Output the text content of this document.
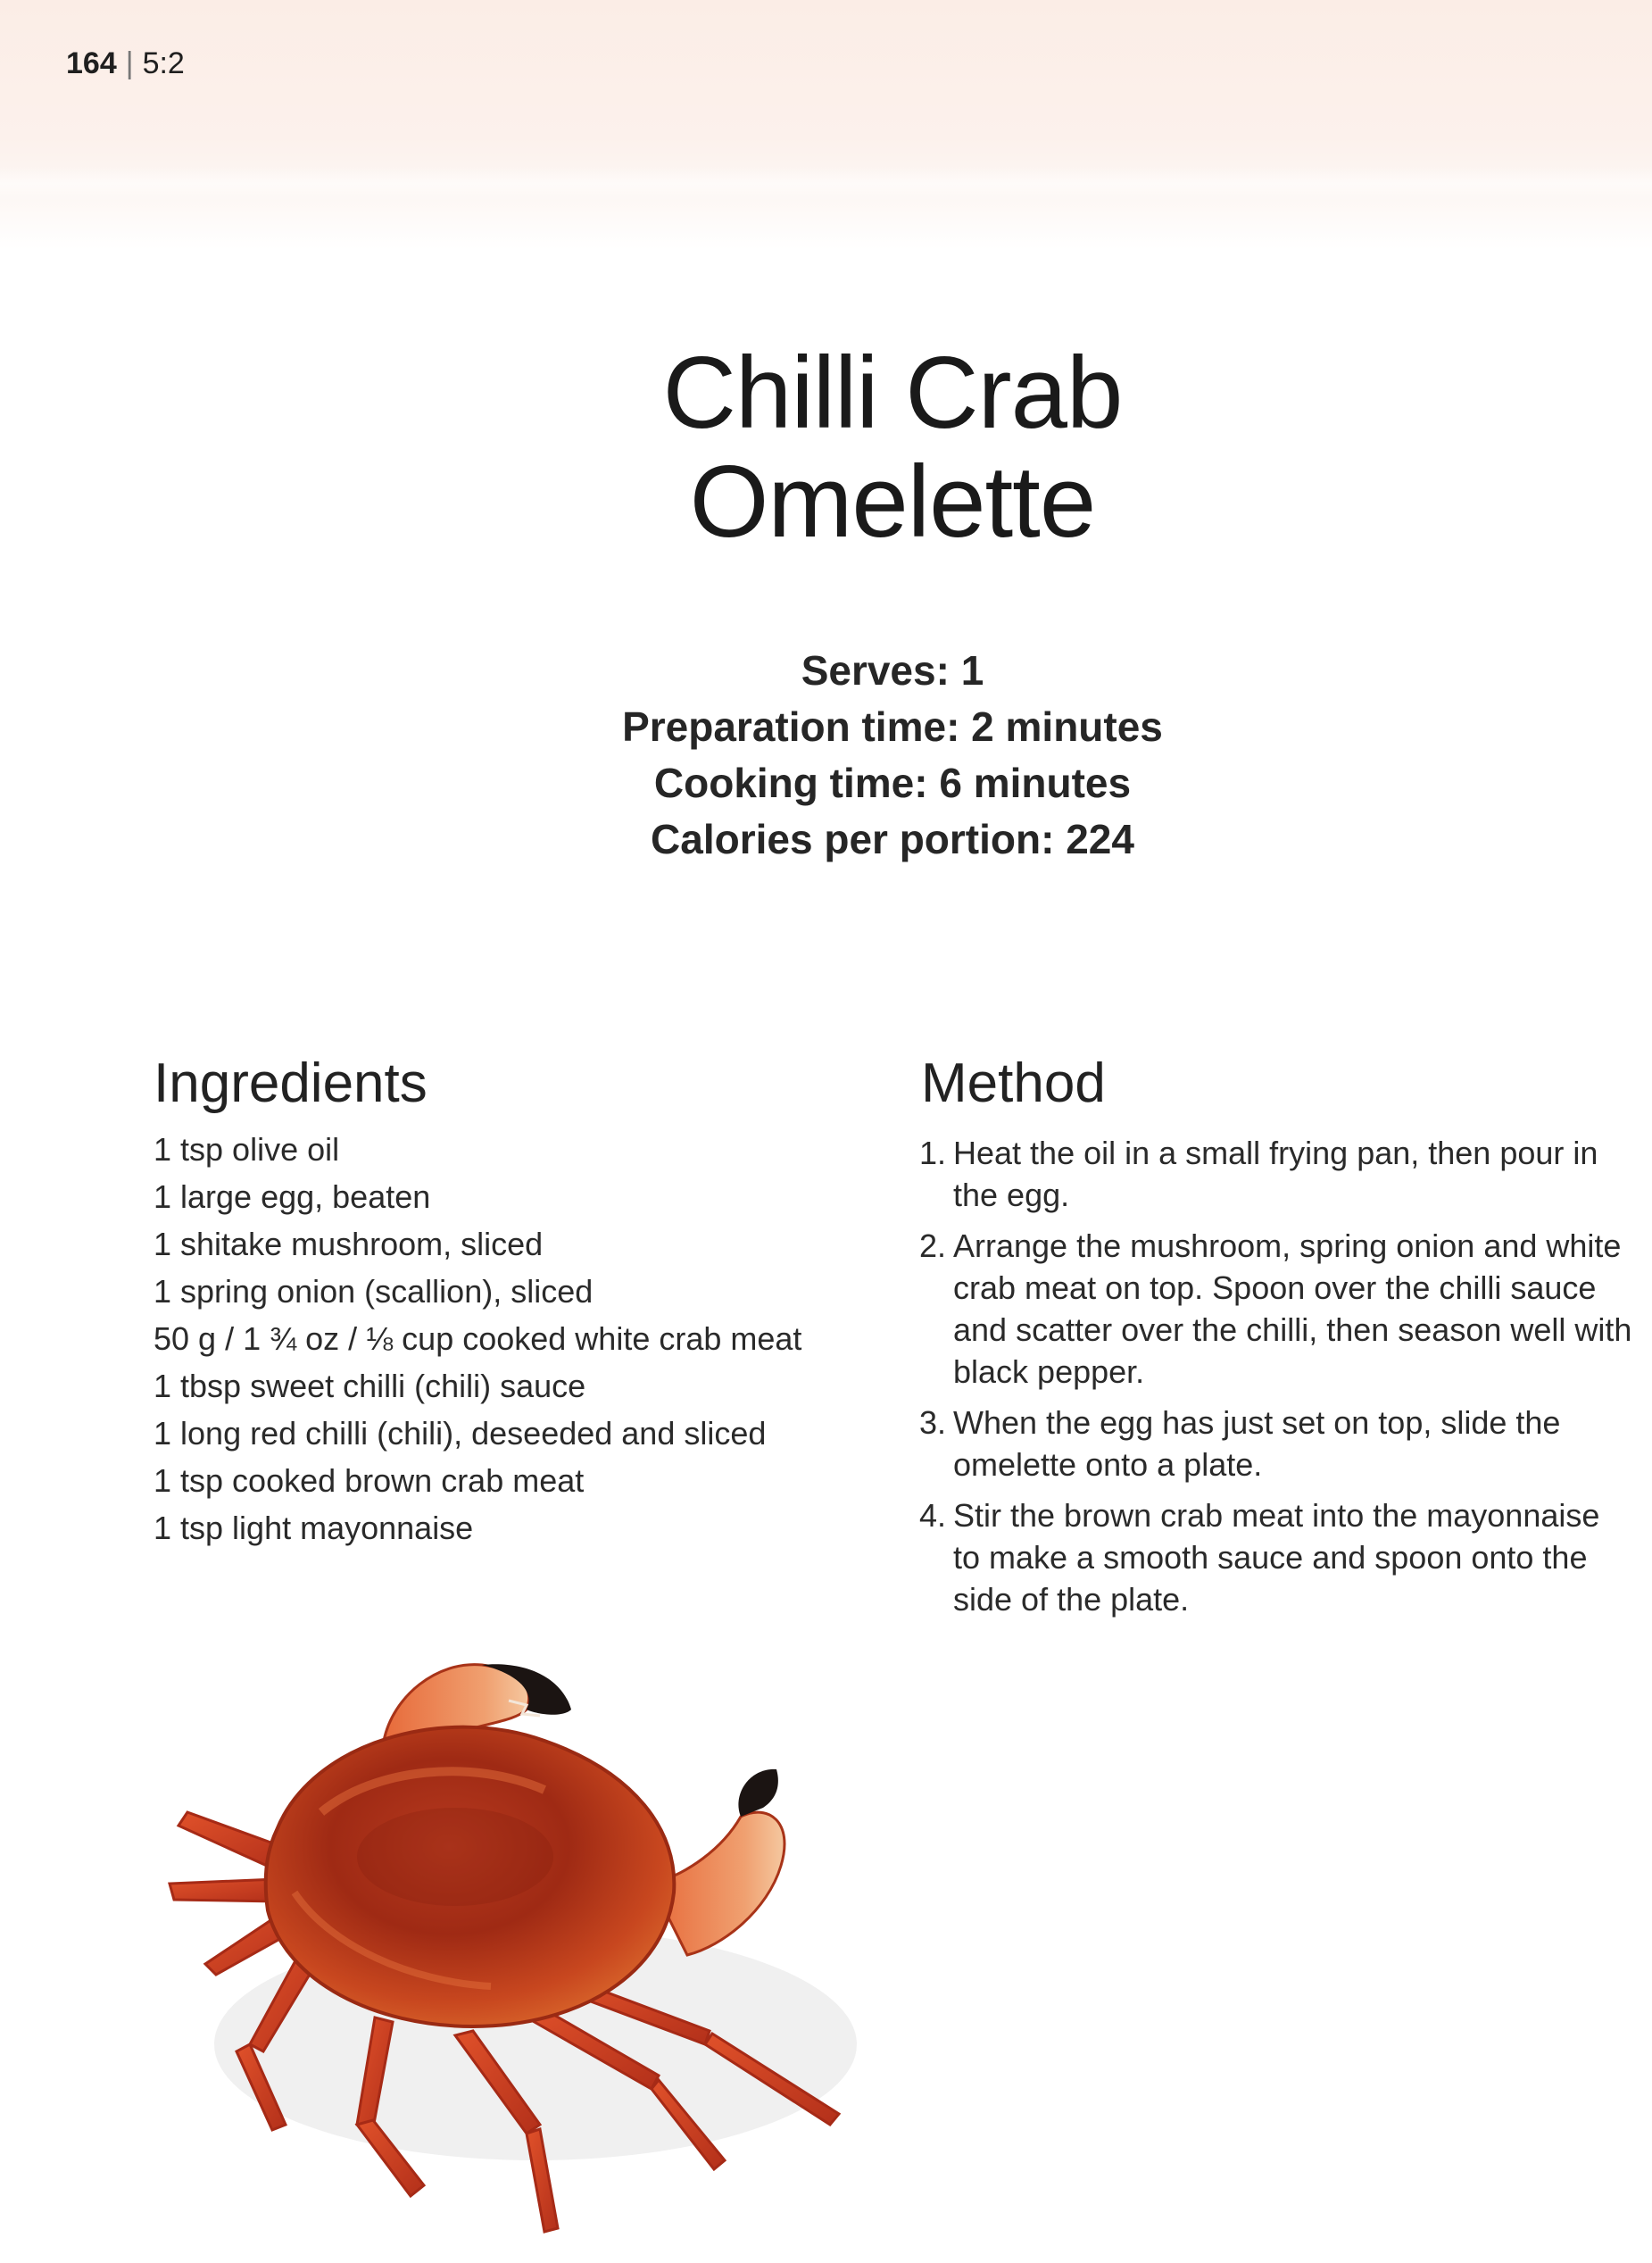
164 | 5:2
Chilli Crab
Omelette
Serves: 1
Preparation time: 2 minutes
Cooking time: 6 minutes
Calories per portion: 224
Ingredients
1 tsp olive oil
1 large egg, beaten
1 shitake mushroom, sliced
1 spring onion (scallion), sliced
50 g / 1 ¾ oz / ⅛ cup cooked white crab meat
1 tbsp sweet chilli (chili) sauce
1 long red chilli (chili), deseeded and sliced
1 tsp cooked brown crab meat
1 tsp light mayonnaise
Method
1. Heat the oil in a small frying pan, then pour in the egg.
2. Arrange the mushroom, spring onion and white crab meat on top. Spoon over the chilli sauce and scatter over the chilli, then season well with black pepper.
3. When the egg has just set on top, slide the omelette onto a plate.
4. Stir the brown crab meat into the mayonnaise to make a smooth sauce and spoon onto the side of the plate.
